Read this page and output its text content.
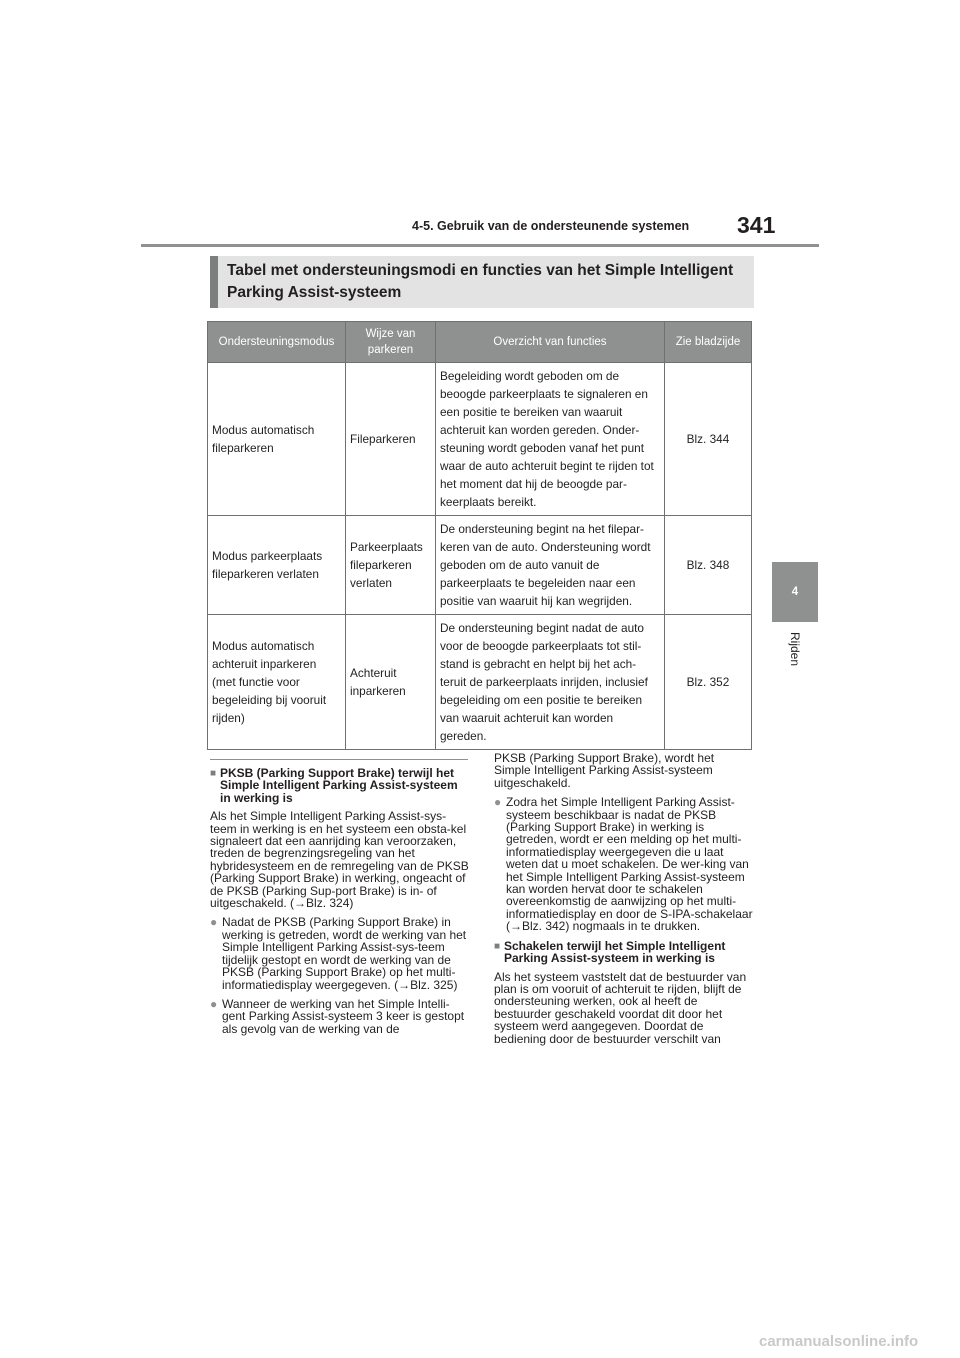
4-5. Gebruik van de ondersteunende systemen 341
4
Rijden
Tabel met ondersteuningsmodi en functies van het Simple Intelligent Parking Assist-systeem
Ondersteuningsmodus	Wijze van parkeren	Overzicht van functies	Zie bladzijde
Modus automatisch fileparkeren	Fileparkeren	Begeleiding wordt geboden om de beoogde parkeerplaats te signaleren en een positie te bereiken van waaruit achteruit kan worden gereden. Onder-steuning wordt geboden vanaf het punt waar de auto achteruit begint te rijden tot het moment dat hij de beoogde par-keerplaats bereikt.	Blz. 344
Modus parkeerplaats fileparkeren verlaten	Parkeerplaats fileparkeren verlaten	De ondersteuning begint na het filepar-keren van de auto. Ondersteuning wordt geboden om de auto vanuit de parkeerplaats te begeleiden naar een positie van waaruit hij kan wegrijden.	Blz. 348
Modus automatisch achteruit inparkeren (met functie voor begeleiding bij vooruit rijden)	Achteruit inparkeren	De ondersteuning begint nadat de auto voor de beoogde parkeerplaats tot stil-stand is gebracht en helpt bij het ach-teruit de parkeerplaats inrijden, inclusief begeleiding om een positie te bereiken van waaruit achteruit kan worden gereden.	Blz. 352
■ PKSB (Parking Support Brake) terwijl het Simple Intelligent Parking Assist-systeem in werking is

Als het Simple Intelligent Parking Assist-sys-teem in werking is en het systeem een obsta-kel signaleert dat een aanrijding kan veroorzaken, treden de begrenzingsregeling van het hybridesysteem en de remregeling van de PKSB (Parking Support Brake) in werking, ongeacht of de PKSB (Parking Sup-port Brake) is in- of uitgeschakeld. (→Blz. 324)

● Nadat de PKSB (Parking Support Brake) in werking is getreden, wordt de werking van het Simple Intelligent Parking Assist-sys-teem tijdelijk gestopt en wordt de werking van de PKSB (Parking Support Brake) op het multi-informatiedisplay weergegeven. (→Blz. 325)
● Wanneer de werking van het Simple Intelli-gent Parking Assist-systeem 3 keer is gestopt als gevolg van de werking van de

PKSB (Parking Support Brake), wordt het Simple Intelligent Parking Assist-systeem uitgeschakeld.

● Zodra het Simple Intelligent Parking Assist-systeem beschikbaar is nadat de PKSB (Parking Support Brake) in werking is getreden, wordt er een melding op het multi-informatiedisplay weergegeven die u laat weten dat u moet schakelen. De wer-king van het Simple Intelligent Parking Assist-systeem kan worden hervat door te schakelen overeenkomstig de aanwijzing op het multi-informatiedisplay en door de S-IPA-schakelaar (→Blz. 342) nogmaals in te drukken.
■ Schakelen terwijl het Simple Intelligent Parking Assist-systeem in werking is

Als het systeem vaststelt dat de bestuurder van plan is om vooruit of achteruit te rijden, blijft de ondersteuning werken, ook al heeft de bestuurder geschakeld voordat dit door het systeem werd aangegeven. Doordat de bediening door de bestuurder verschilt van

carmanualsonline.info
